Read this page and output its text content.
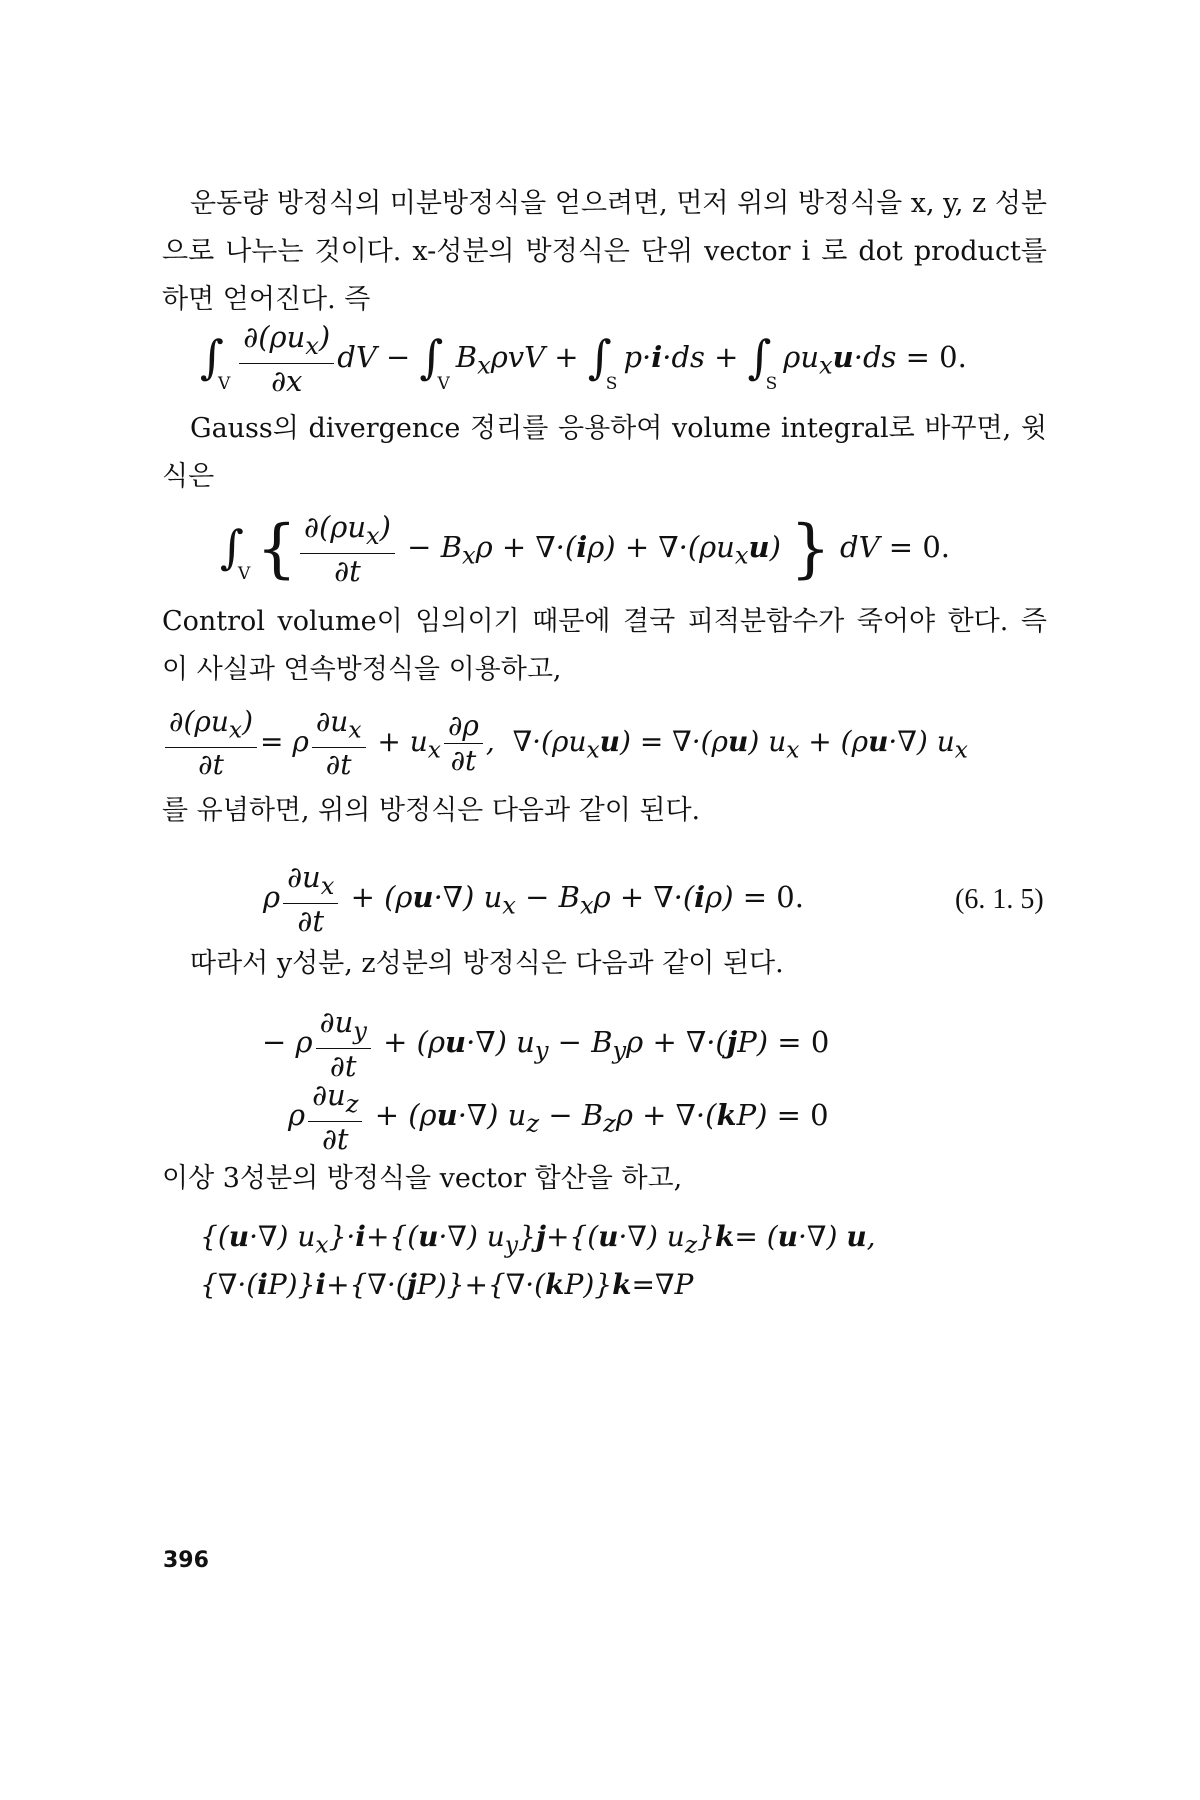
운동량 방정식의 미분방정식을 얻으려면, 먼저 위의 방정식을 x, y, z 성분으로 나누는 것이다. x-성분의 방정식은 단위 vector i 로 dot product를 하면 얻어진다. 즉

$\int_V \frac{\partial(\rho u_x)}{\partial x}$ dV − $\int_VB_x\rho vV + \int_Sp\cdot i\cdot ds + \int_S\rho u_xu\cdot ds = 0$.

Gauss의 divergence 정리를 응용하여 volume integral로 바꾸면, 윗식은

$\int_V\{ \frac{\partial(\rho u_x)}{\partial t} - B_x\rho + \nabla\cdot(i\rho) + \nabla\cdot(\rho u_xu)$ } dV = 0.

Control volume이 임의이기 때문에 결국 피적분함수가 죽어야 한다. 즉 이 사실과 연속방정식을 이용하고,

$\frac{\partial(\rho u_x)}{\partial t} = \rho \frac{\partial u_x}{\partial t} + u_x \frac{\partial\rho}{\partial t}$ ,  $\nabla\cdot(\rho u_xu) = \nabla\cdot(\rho u) u_x + (\rho u\cdot\nabla)$ $u_x$

를 유념하면, 위의 방정식은 다음과 같이 된다.

ρ $\frac{\partial u_x}{\partial t} + (\rho u\cdot\nabla) u_x - B_x\rho + \nabla\cdot(i\rho) = 0$.	(6. 1. 5)

따라서 y성분, z성분의 방정식은 다음과 같이 된다.

− ρ $\frac{\partial u_y}{\partial t} + (\rho u\cdot\nabla) u_y - B_y\rho + \nabla\cdot(jP) = 0$
ρ $\frac{\partial u_z}{\partial t} + (\rho u\cdot\nabla) u_z - B_z\rho + \nabla\cdot(kP) = 0$

이상 3성분의 방정식을 vector 합산을 하고,

{(u·∇) $u_x\}\cdot i+\{(u\cdot\nabla)$ $u_y\}j+\{(u\cdot\nabla)$ $u_z\}k= (u\cdot\nabla)$ u,
{∇·(iP)}i+{∇·(jP)}+{∇·(kP)}k=∇P
396
